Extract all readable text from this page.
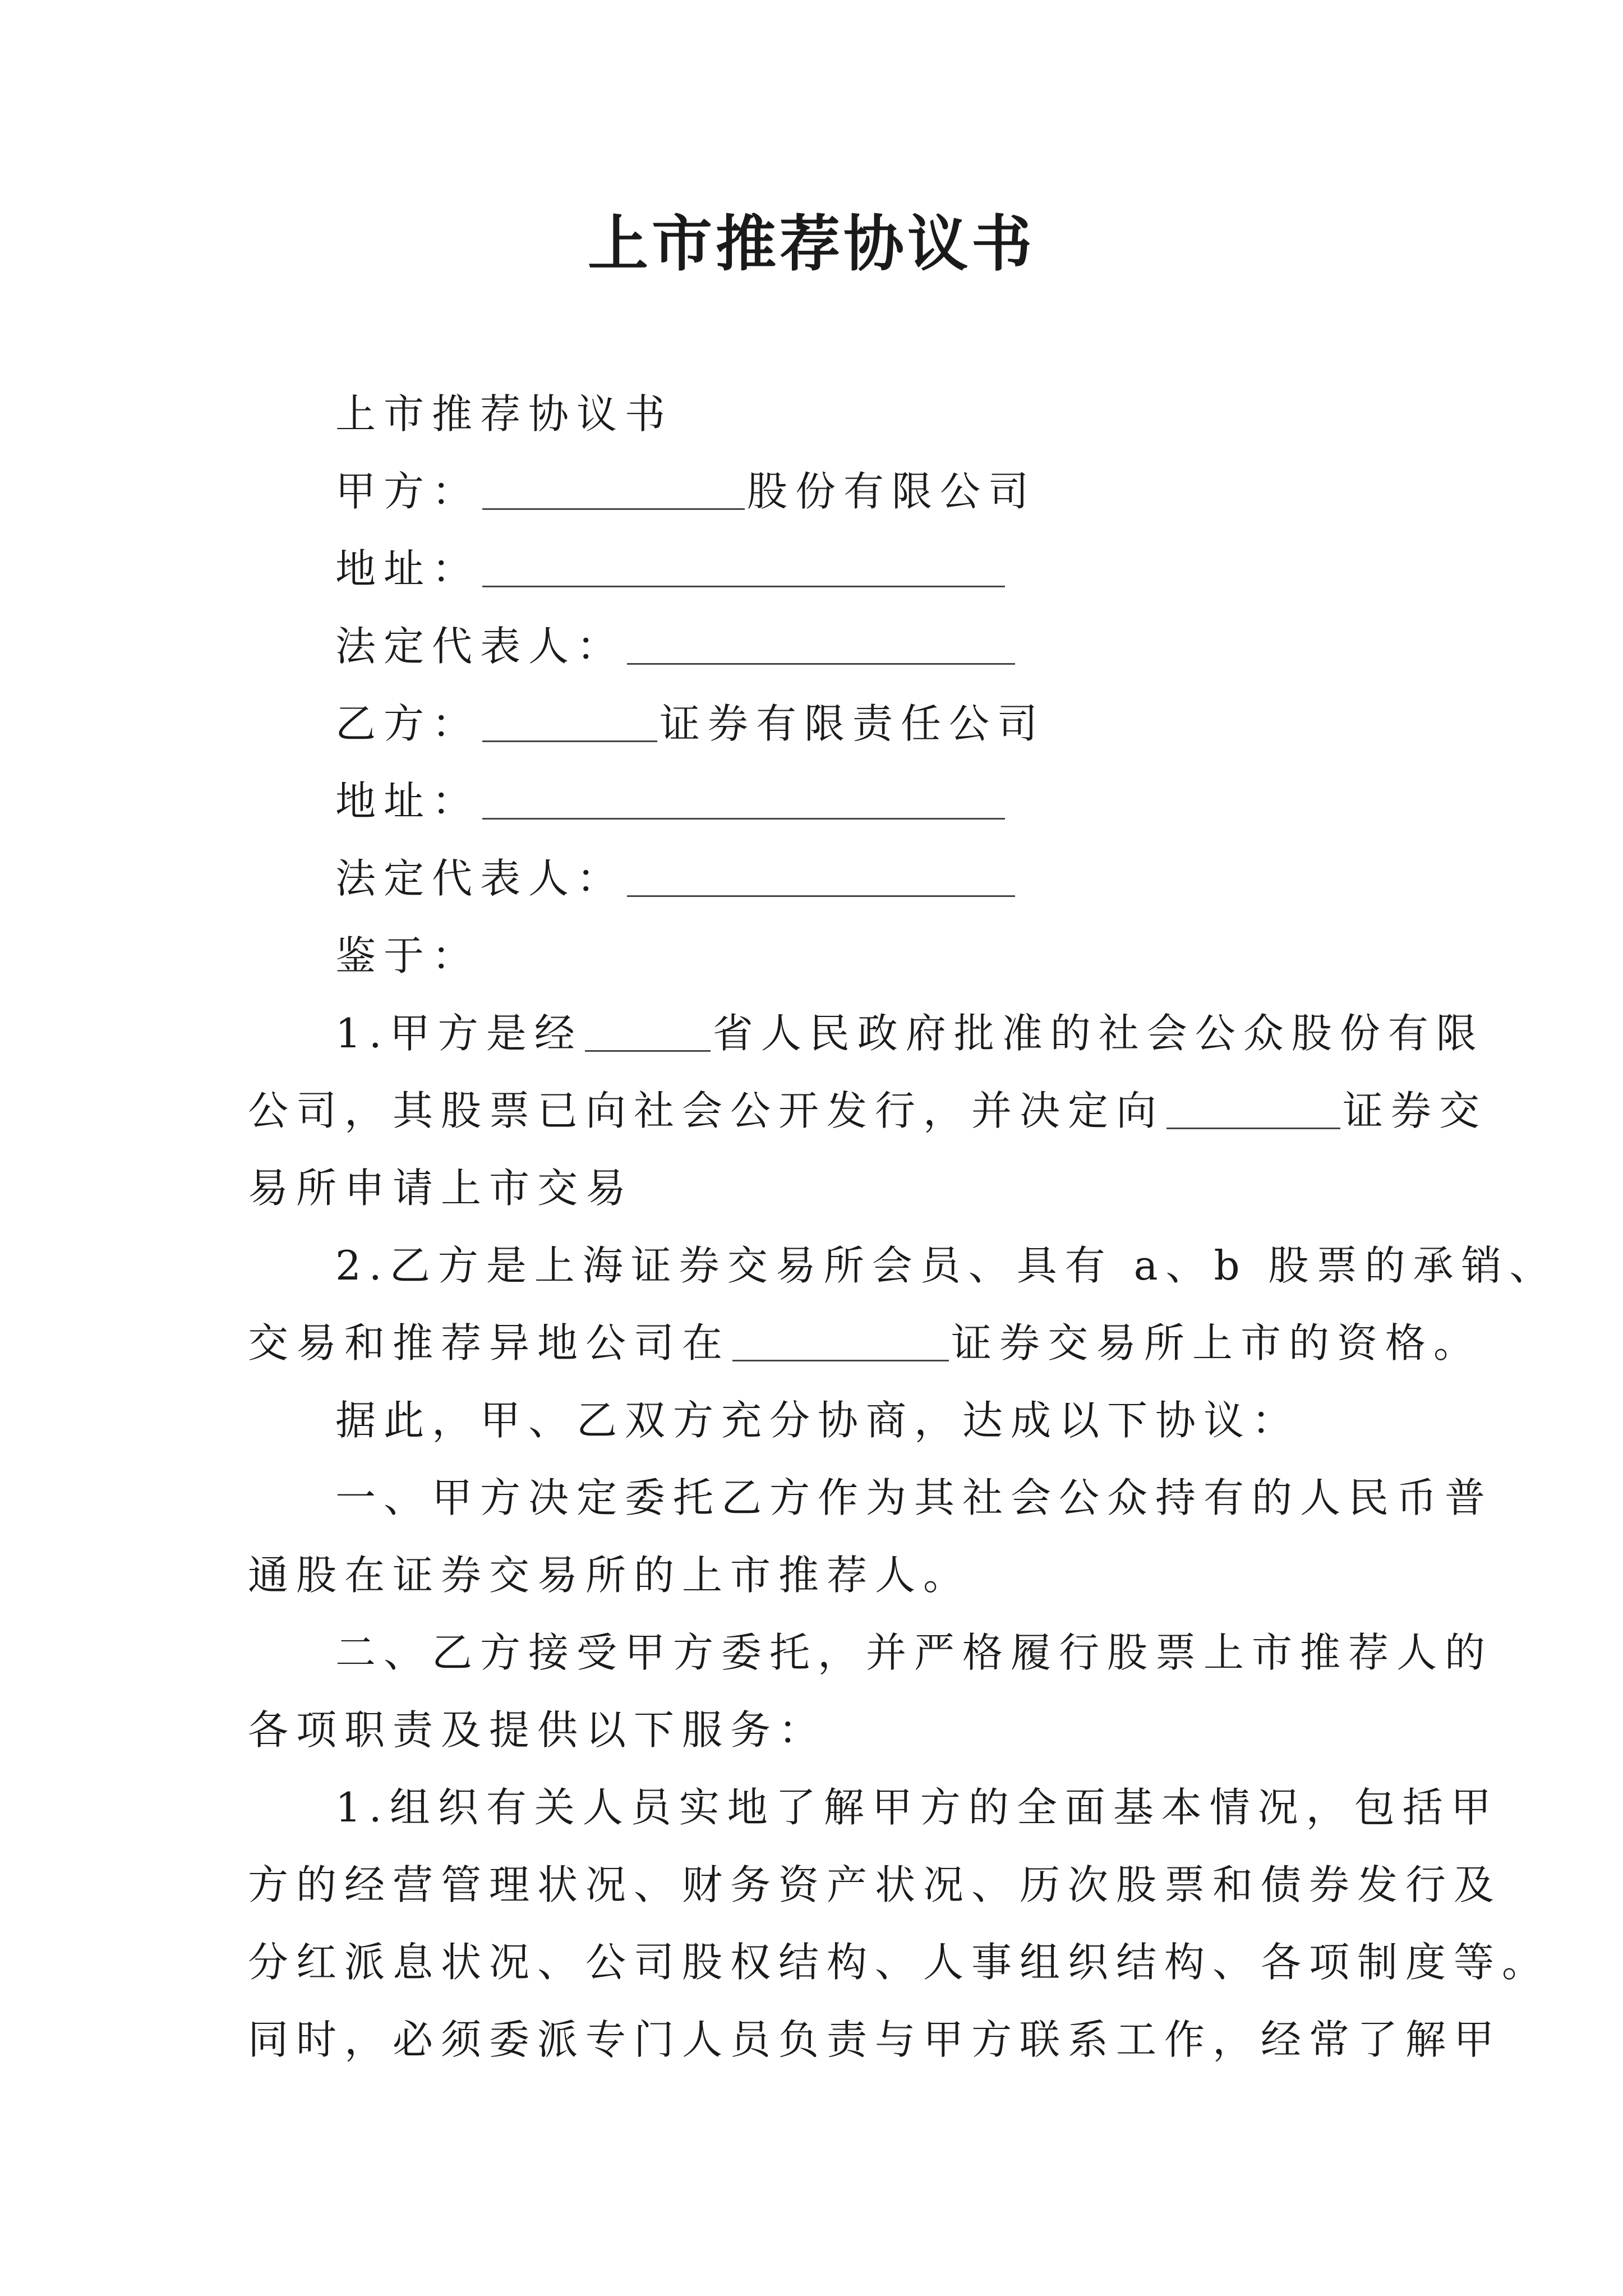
上市推荐协议书
上市推荐协议书
甲方：	股份有限公司
地址：
法定代表人：
乙方：	证券有限责任公司
地址：
法定代表人：
鉴于：
1.甲方是经	省人民政府批准的社会公众股份有限
公司，其股票已向社会公开发行，并决定向	证券交
易所申请上市交易
2.乙方是上海证券交易所会员、具有 a、b 股票的承销、
交易和推荐异地公司在	证券交易所上市的资格。
据此，甲、乙双方充分协商，达成以下协议：
一、甲方决定委托乙方作为其社会公众持有的人民币普
通股在证券交易所的上市推荐人。
二、乙方接受甲方委托，并严格履行股票上市推荐人的
各项职责及提供以下服务：
1.组织有关人员实地了解甲方的全面基本情况，包括甲
方的经营管理状况、财务资产状况、历次股票和债券发行及
分红派息状况、公司股权结构、人事组织结构、各项制度等。
同时，必须委派专门人员负责与甲方联系工作，经常了解甲
